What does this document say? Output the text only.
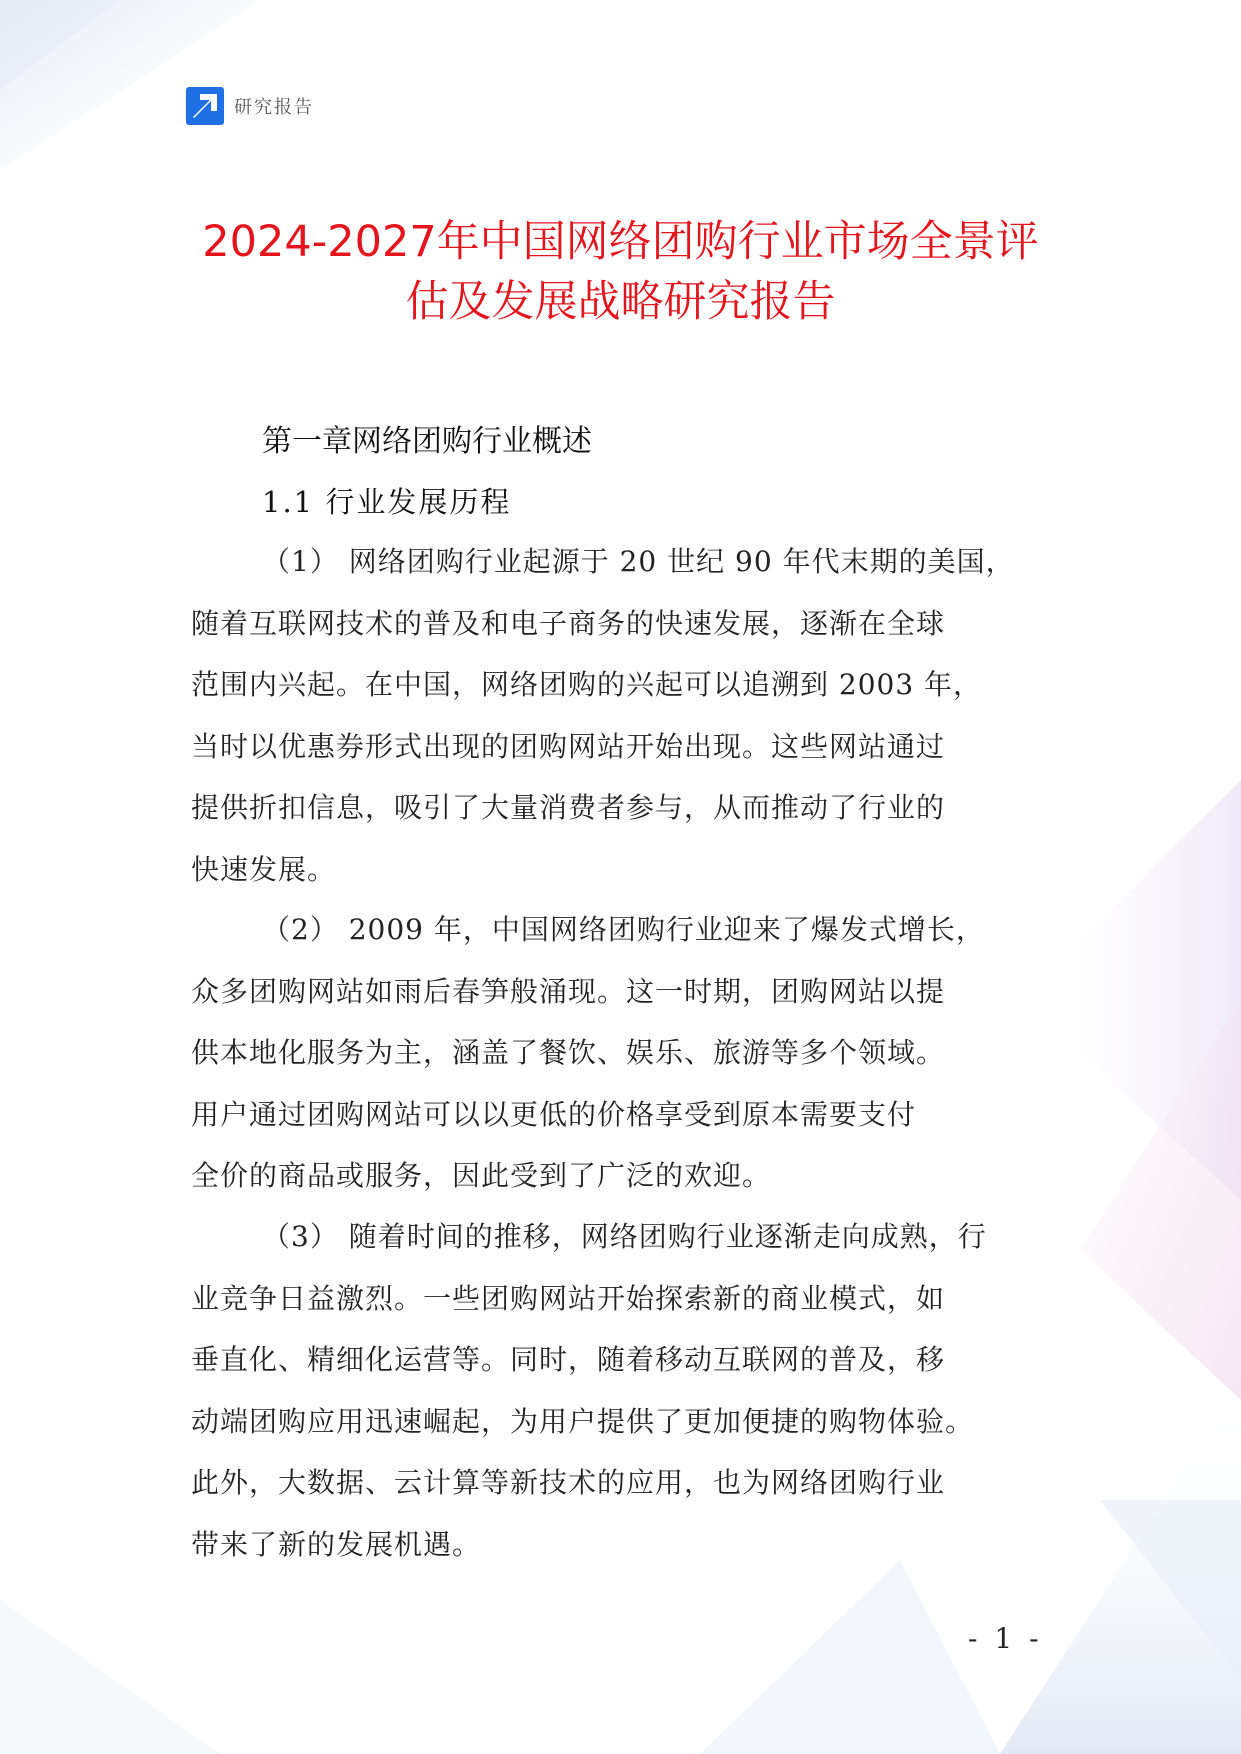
研究报告
2024-2027年中国网络团购行业市场全景评
估及发展战略研究报告
第一章网络团购行业概述
1.1 行业发展历程

（1） 网络团购行业起源于 20 世纪 90 年代末期的美国，
随着互联网技术的普及和电子商务的快速发展，逐渐在全球
范围内兴起。在中国，网络团购的兴起可以追溯到 2003 年，
当时以优惠券形式出现的团购网站开始出现。这些网站通过
提供折扣信息，吸引了大量消费者参与，从而推动了行业的
快速发展。

（2） 2009 年，中国网络团购行业迎来了爆发式增长，
众多团购网站如雨后春笋般涌现。这一时期，团购网站以提
供本地化服务为主，涵盖了餐饮、娱乐、旅游等多个领域。
用户通过团购网站可以以更低的价格享受到原本需要支付
全价的商品或服务，因此受到了广泛的欢迎。

（3） 随着时间的推移，网络团购行业逐渐走向成熟，行
业竞争日益激烈。一些团购网站开始探索新的商业模式，如
垂直化、精细化运营等。同时，随着移动互联网的普及，移
动端团购应用迅速崛起，为用户提供了更加便捷的购物体验。
此外，大数据、云计算等新技术的应用，也为网络团购行业
带来了新的发展机遇。

- 1 -
